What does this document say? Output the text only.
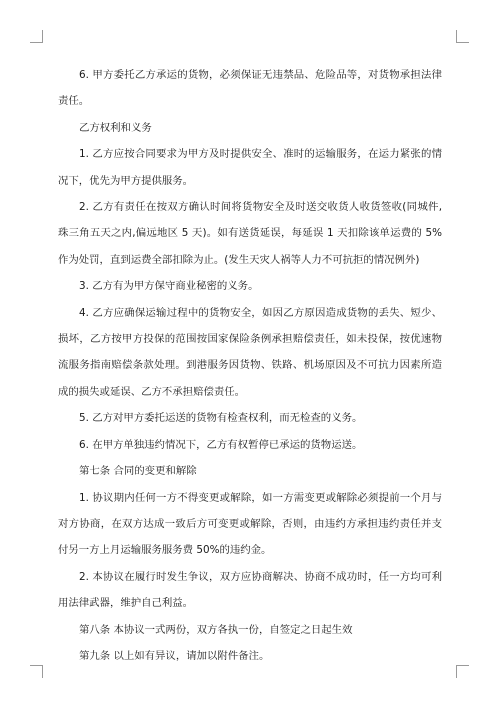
6. 甲方委托乙方承运的货物，必须保证无违禁品、危险品等，对货物承担法律责任。

乙方权利和义务

1. 乙方应按合同要求为甲方及时提供安全、准时的运输服务，在运力紧张的情况下，优先为甲方提供服务。

2. 乙方有责任在按双方确认时间将货物安全及时送交收货人收货签收(同城件,珠三角五天之内,偏远地区 5 天)。如有送货延误，每延误 1 天扣除该单运费的 5%作为处罚，直到运费全部扣除为止。(发生天灾人祸等人力不可抗拒的情况例外)

3. 乙方有为甲方保守商业秘密的义务。

4. 乙方应确保运输过程中的货物安全，如因乙方原因造成货物的丢失、短少、损坏，乙方按甲方投保的范围按国家保险条例承担赔偿责任，如未投保，按优速物流服务指南赔偿条款处理。到港服务因货物、铁路、机场原因及不可抗力因素所造成的损失或延误、乙方不承担赔偿责任。

5. 乙方对甲方委托运送的货物有检查权利，而无检查的义务。

6. 在甲方单独违约情况下，乙方有权暂停已承运的货物运送。

第七条 合同的变更和解除

1. 协议期内任何一方不得变更或解除，如一方需变更或解除必须提前一个月与对方协商，在双方达成一致后方可变更或解除，否则，由违约方承担违约责任并支付另一方上月运输服务服务费 50%的违约金。

2. 本协议在履行时发生争议，双方应协商解决、协商不成功时，任一方均可利用法律武器，维护自己利益。

第八条 本协议一式两份，双方各执一份，自签定之日起生效

第九条 以上如有异议，请加以附件备注。
